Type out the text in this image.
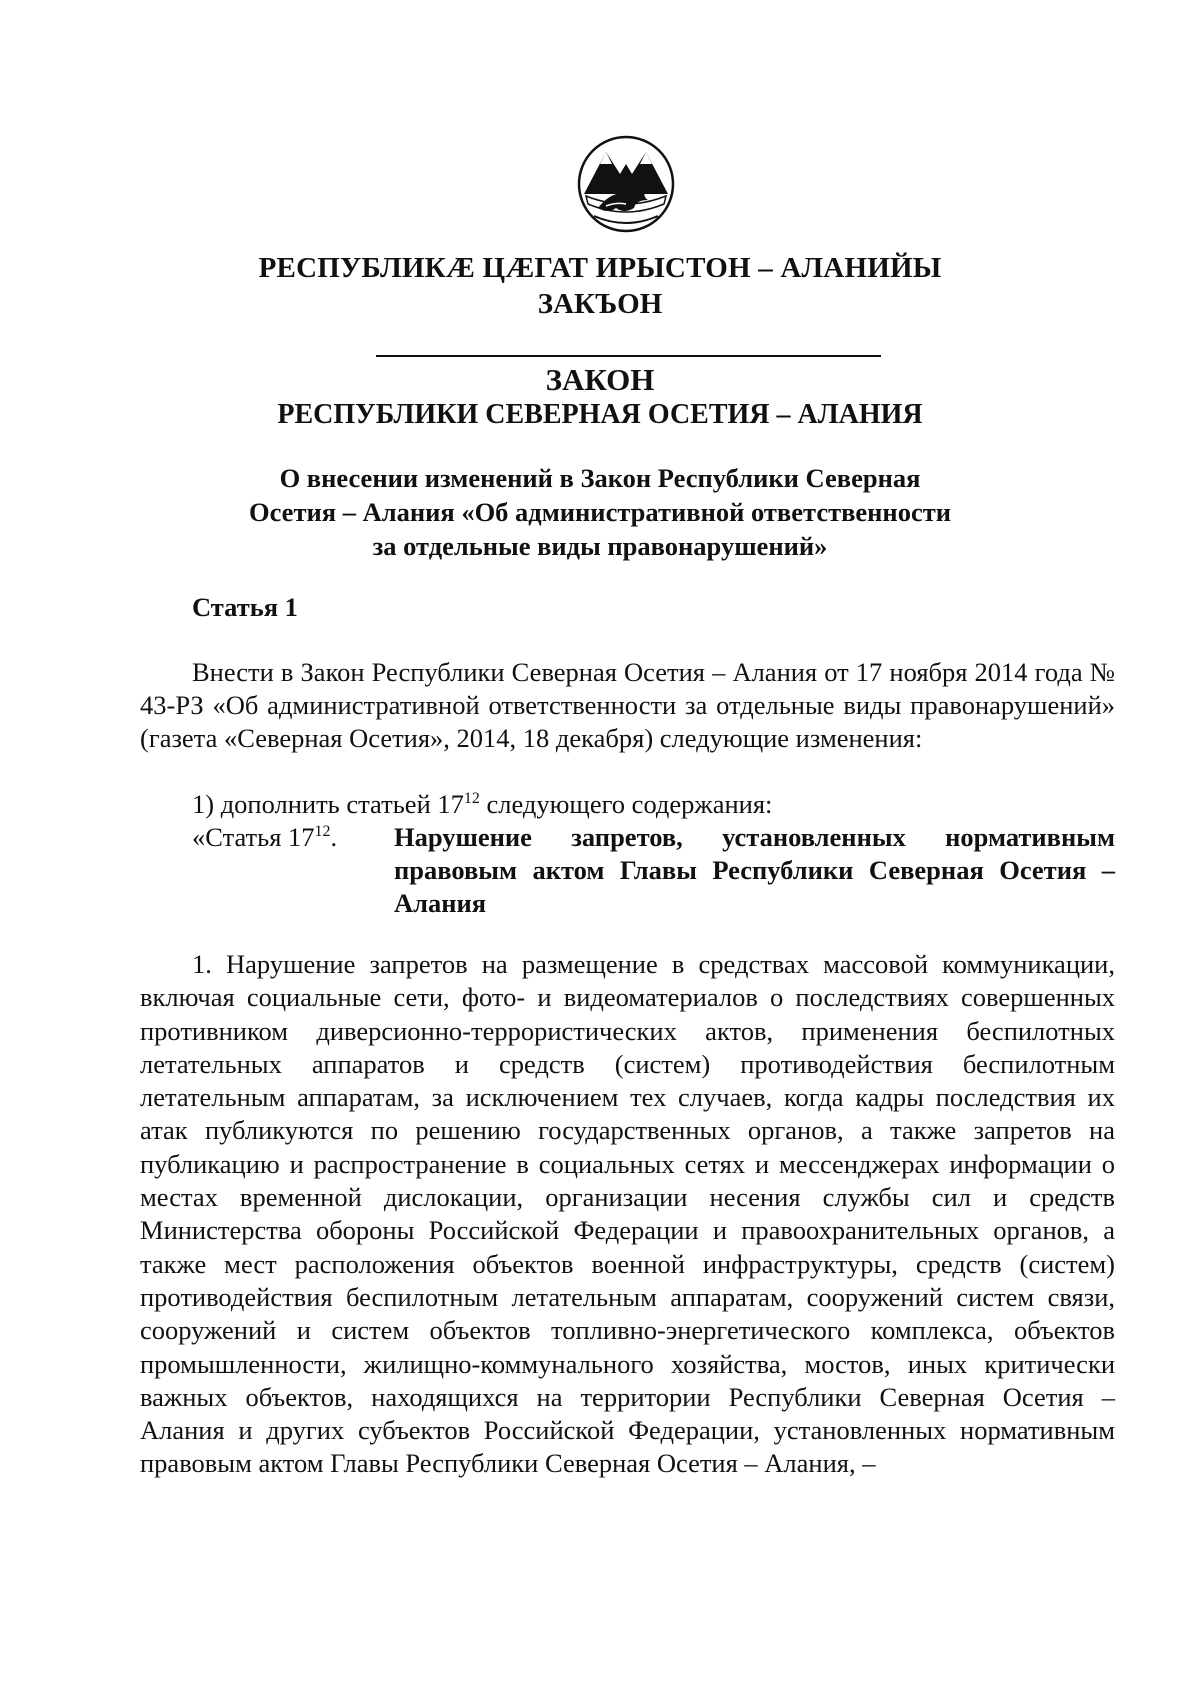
РЕСПУБЛИКÆ ЦÆГАТ ИРЫСТОН – АЛАНИЙЫ
ЗАКЪОН
ЗАКОН
РЕСПУБЛИКИ СЕВЕРНАЯ ОСЕТИЯ – АЛАНИЯ
О внесении изменений в Закон Республики Северная
Осетия – Алания «Об административной ответственности
за отдельные виды правонарушений»
Статья 1
Внести в Закон Республики Северная Осетия – Алания от 17 ноября 2014 года № 43-РЗ «Об административной ответственности за отдельные виды правонарушений» (газета «Северная Осетия», 2014, 18 декабря) следующие изменения:
1) дополнить статьей $17^{12}$ следующего содержания:
«Статья $17^{12}$. Нарушение запретов, установленных нормативным правовым актом Главы Республики Северная Осетия – Алания
1. Нарушение запретов на размещение в средствах массовой коммуникации, включая социальные сети, фото- и видеоматериалов о последствиях совершенных противником диверсионно-террористических актов, применения беспилотных летательных аппаратов и средств (систем) противодействия беспилотным летательным аппаратам, за исключением тех случаев, когда кадры последствия их атак публикуются по решению государственных органов, а также запретов на публикацию и распространение в социальных сетях и мессенджерах информации о местах временной дислокации, организации несения службы сил и средств Министерства обороны Российской Федерации и правоохранительных органов, а также мест расположения объектов военной инфраструктуры, средств (систем) противодействия беспилотным летательным аппаратам, сооружений систем связи, сооружений и систем объектов топливно-энергетического комплекса, объектов промышленности, жилищно-коммунального хозяйства, мостов, иных критически важных объектов, находящихся на территории Республики Северная Осетия – Алания и других субъектов Российской Федерации, установленных нормативным правовым актом Главы Республики Северная Осетия – Алания, –
